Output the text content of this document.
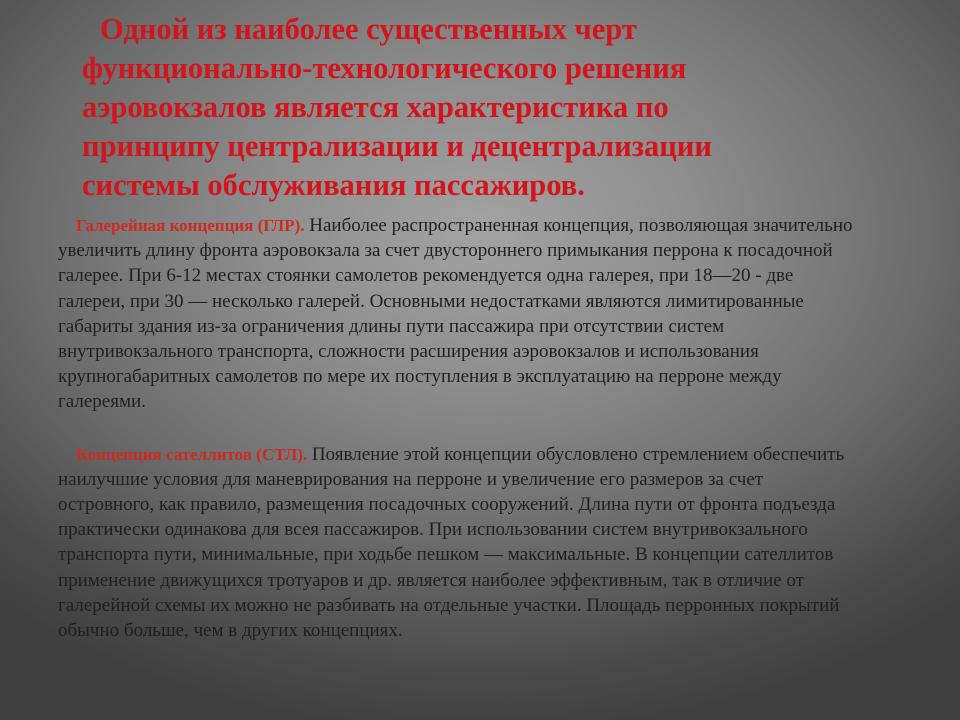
Галерейная концепция (ГЛР). Наиболее распространенная концепция, позволяющая значительно увеличить длину фронта аэровокзала за счет двустороннего примыкания перрона к посадочной галерее. При 6-12 местах стоянки самолетов рекомендуется одна галерея, при 18—20 - две галереи, при 30 — несколько галерей. Основными недостатками являются лимитированные габариты здания из-за ограничения длины пути пассажира при отсутствии систем внутривокзального транспорта, сложности расширения аэровокзалов и использования крупногабаритных самолетов по мере их поступления в эксплуатацию на перроне между галереями.

Концепция сателлитов (СТЛ). Появление этой концепции обусловлено стремлением обеспечить наилучшие условия для маневрирования на перроне и увеличение его размеров за счет островного, как правило, размещения посадочных сооружений. Длина пути от фронта подъезда практически одинакова для всея пассажиров. При использовании систем внутривокзального транспорта пути, минимальные, при ходьбе пешком — максимальные. В концепции сателлитов применение движущихся тротуаров и др. является наиболее эффективным, так в отличие от галерейной схемы их можно не разбивать на отдельные участки. Площадь перронных покрытий обычно больше, чем в других концепциях.

Одной из наиболее существенных черт функционально-технологического решения аэровокзалов является характеристика по принципу централизации и децентрализации системы обслуживания пассажиров.
